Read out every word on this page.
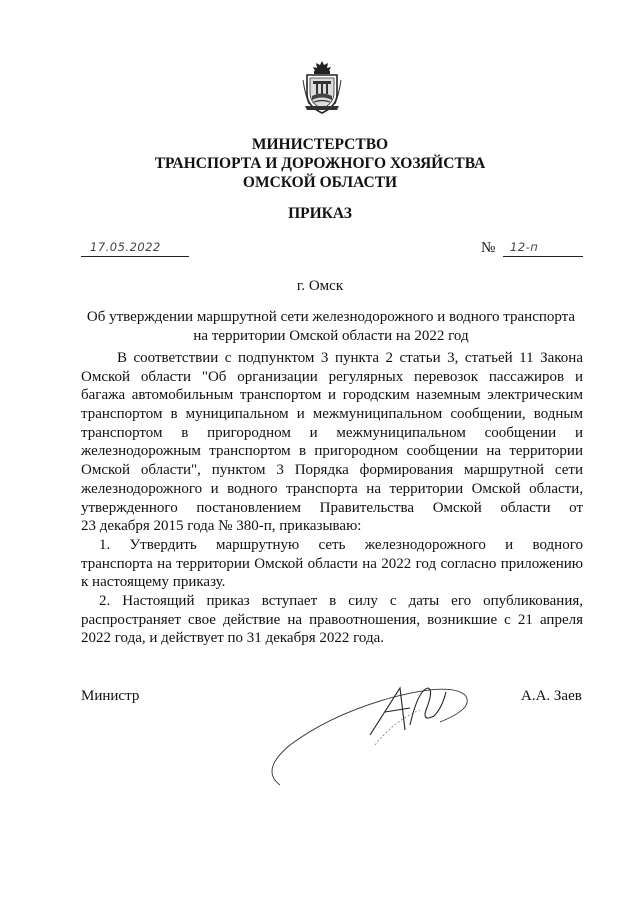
МИНИСТЕРСТВО
ТРАНСПОРТА И ДОРОЖНОГО ХОЗЯЙСТВА
ОМСКОЙ ОБЛАСТИ
ПРИКАЗ
17.05.2022	№ 12-п
г. Омск
Об утверждении маршрутной сети железнодорожного и водного транспорта
на территории Омской области на 2022 год
В соответствии с подпунктом 3 пункта 2 статьи 3, статьей 11 Закона
Омской области "Об организации регулярных перевозок пассажиров и
багажа автомобильным транспортом и городским наземным электрическим
транспортом в муниципальном и межмуниципальном сообщении, водным
транспортом в пригородном и межмуниципальном сообщении и
железнодорожным транспортом в пригородном сообщении на территории
Омской области", пунктом 3 Порядка формирования маршрутной сети
железнодорожного и водного транспорта на территории Омской области,
утвержденного постановлением Правительства Омской области от
23 декабря 2015 года № 380-п, приказываю:
1. Утвердить маршрутную сеть железнодорожного и водного
транспорта на территории Омской области на 2022 год согласно приложению
к настоящему приказу.
2. Настоящий приказ вступает в силу с даты его опубликования,
распространяет свое действие на правоотношения, возникшие с 21 апреля
2022 года, и действует по 31 декабря 2022 года.
Министр	А.А. Заев
